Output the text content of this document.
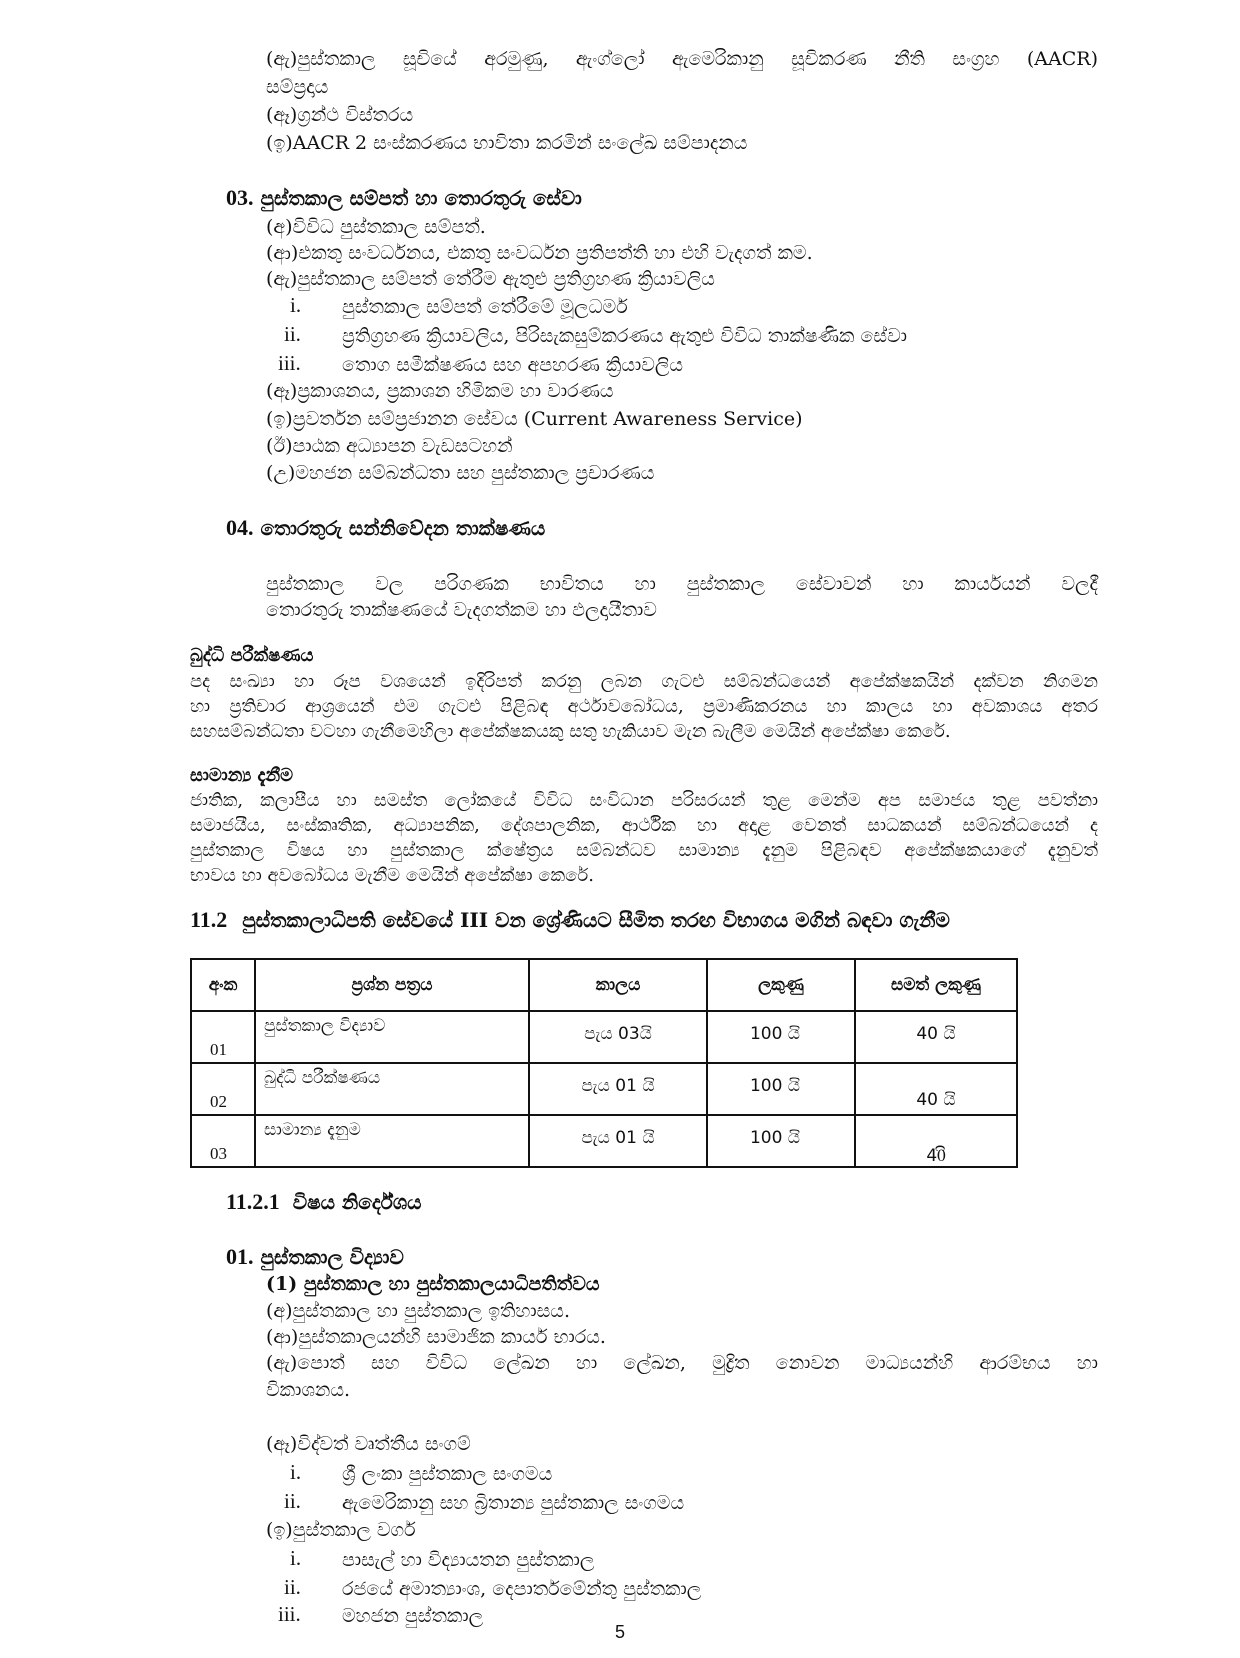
(ඇ)පුස්තකාල සූචියේ අරමුණු, ඇංග්ලෝ ඇමෙරිකානු සූචිකරණ නීති සංග්‍රහ (AACR)
සම්ප්‍රදාය
(ඈ)ග්‍රන්ථ විස්තරය
(ඉ)AACR 2 සංස්කරණය භාවිතා කරමින් සංලේඛ සම්පාදනය
03. පුස්තකාල සම්පත් හා තොරතුරු සේවා
(අ)විවිධ පුස්තකාල සම්පත්.
(ආ)එකතු සංවර්ධනය, එකතු සංවර්ධන ප්‍රතිපත්ති හා එහි වැදගත් කම.
(ඇ)පුස්තකාල සම්පත් තේරීම ඇතුළු ප්‍රතිග්‍රහණ ක්‍රියාවලිය
i. පුස්තකාල සම්පත් තේරීමේ මූලධර්ම
ii. ප්‍රතිග්‍රහණ ක්‍රියාවලිය, පිරිසැකසුම්කරණය ඇතුළු විවිධ තාක්ෂණික සේවා
iii. තොග සමීක්ෂණය සහ අපහරණ ක්‍රියාවලිය
(ඈ)ප්‍රකාශනය, ප්‍රකාශන හිමිකම හා වාරණය
(ඉ)ප්‍රවර්තන සම්ප්‍රජානන සේවය (Current Awareness Service)
(ඊ)පාඨක අධ්‍යාපන වැඩසටහන්
(උ)මහජන සම්බන්ධතා සහ පුස්තකාල ප්‍රචාරණය
04. තොරතුරු සන්නිවේදන තාක්ෂණය
පුස්තකාල වල පරිගණක භාවිතය හා පුස්තකාල සේවාවන් හා කාර්යයන් වලදී
තොරතුරු තාක්ෂණයේ වැදගත්කම හා ඵලදායීතාව
බුද්ධි පරීක්ෂණය
පද සංඛ්‍යා හා රූප වශයෙන් ඉදිරිපත් කරනු ලබන ගැටළු සම්බන්ධයෙන් අපේක්ෂකයින් දක්වන නිගමන
හා ප්‍රතිචාර ආශ්‍රයෙන් එම ගැටළු පිළිබඳ අර්ථාවබෝධය, ප්‍රමාණිකරනය හා කාලය හා අවකාශය අතර
සහසම්බන්ධතා වටහා ගැනීමෙහිලා අපේක්ෂකයකු සතු හැකියාව මැන බැලීම මෙයින් අපේක්ෂා කෙරේ.
සාමාන්‍ය දැනීම
ජාතික, කලාපීය හා සමස්ත ලෝකයේ විවිධ සංවිධාන පරිසරයන් තුළ මෙන්ම අප සමාජය තුළ පවත්නා
සමාජයීය, සංස්කෘතික, අධ්‍යාපනික, දේශපාලනික, ආර්ථික හා අදාළ වෙනත් සාධකයන් සම්බන්ධයෙන් ද
පුස්තකාල විෂය හා පුස්තකාල ක්ෂේත්‍රය සම්බන්ධව සාමාන්‍ය දැනුම පිළිබඳව අපේක්ෂකයාගේ දැනුවත්
භාවය හා අවබෝධය මැනීම මෙයින් අපේක්ෂා කෙරේ.
11.2 පුස්තකාලාධිපති සේවයේ III වන ශ්‍රේණියට සීමිත තරඟ විභාගය මගින් බඳවා ගැනීම
අංක	ප්‍රශ්න පත්‍රය	කාලය	ලකුණු	සමත් ලකුණු

01	පුස්තකාල විද්‍යාව	පැය 03යි	100 යි	40 යි

02	බුද්ධි පරීක්ෂණය	පැය 01 යි	100 යි	40 යි

03	සාමාන්‍ය දැනුම	පැය 01 යි	100 යි	40ි
11.2.1 විෂය නිර්දේශය
01. පුස්තකාල විද්‍යාව
(1) පුස්තකාල හා පුස්තකාලයාධිපතිත්වය
(අ)පුස්තකාල හා පුස්තකාල ඉතිහාසය.
(ආ)පුස්තකාලයන්හි සාමාජික කාර්ය භාරය.
(ඇ)පොත් සහ විවිධ ලේඛන හා ලේඛන, මුද්‍රිත නොවන මාධ්‍යයන්හි ආරම්භය හා
විකාශනය.
(ඈ)විද්වත් වෘත්තීය සංගම්
i. ශ්‍රී ලංකා පුස්තකාල සංගමය
ii. ඇමෙරිකානු සහ බ්‍රිතාන්‍ය පුස්තකාල සංගමය
(ඉ)පුස්තකාල වර්ග
i. පාසැල් හා විද්‍යායතන පුස්තකාල
ii. රජයේ අමාත්‍යාංශ, දෙපාර්තමේන්තු පුස්තකාල
iii. මහජන පුස්තකාල
5
